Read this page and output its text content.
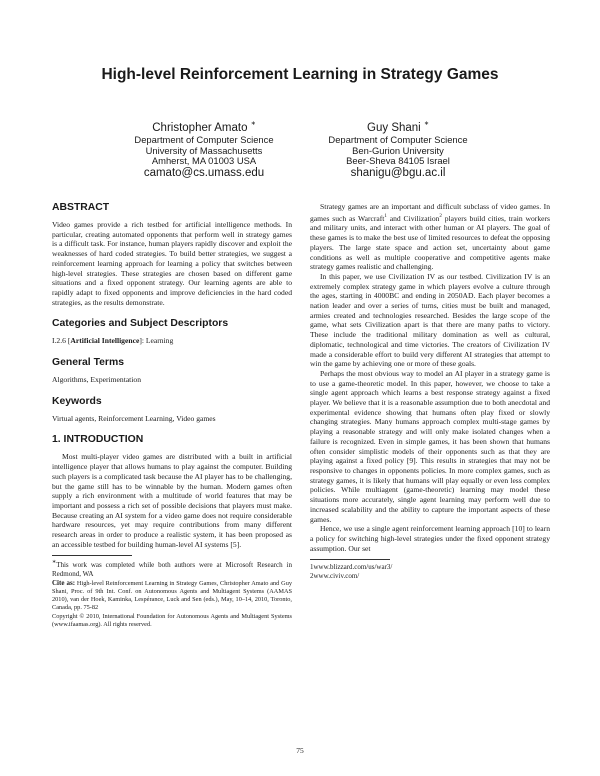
High-level Reinforcement Learning in Strategy Games
Christopher Amato ∗
Department of Computer Science
University of Massachusetts
Amherst, MA 01003 USA
camato@cs.umass.edu
Guy Shani ∗
Department of Computer Science
Ben-Gurion University
Beer-Sheva 84105 Israel
shanigu@bgu.ac.il
ABSTRACT

Video games provide a rich testbed for artificial intelligence methods. In particular, creating automated opponents that perform well in strategy games is a difficult task. For instance, human players rapidly discover and exploit the weaknesses of hard coded strategies. To build better strategies, we suggest a reinforcement learning approach for learning a policy that switches between high-level strategies. These strategies are chosen based on different game situations and a fixed opponent strategy. Our learning agents are able to rapidly adapt to fixed opponents and improve deficiencies in the hard coded strategies, as the results demonstrate.

Categories and Subject Descriptors

I.2.6 [Artificial Intelligence]: Learning

General Terms

Algorithms, Experimentation

Keywords

Virtual agents, Reinforcement Learning, Video games

1. INTRODUCTION

Most multi-player video games are distributed with a built in artificial intelligence player that allows humans to play against the computer. Building such players is a complicated task because the AI player has to be challenging, but the game still has to be winnable by the human. Modern games often supply a rich environment with a multitude of world features that may be important and possess a rich set of possible decisions that players must make. Because creating an AI system for a video game does not require considerable hardware resources, yet may require contributions from many different research areas in order to produce a realistic system, it has been proposed as an accessible testbed for building human-level AI systems [5].

∗This work was completed while both authors were at Microsoft Research in Redmond, WA

Cite as: High-level Reinforcement Learning in Strategy Games, Christopher Amato and Guy Shani, Proc. of 9th Int. Conf. on Autonomous Agents and Multiagent Systems (AAMAS 2010), van der Hoek, Kaminka, Lespérance, Luck and Sen (eds.), May, 10–14, 2010, Toronto, Canada, pp. 75-82

Copyright © 2010, International Foundation for Autonomous Agents and Multiagent Systems (www.ifaamas.org). All rights reserved.

Strategy games are an important and difficult subclass of video games. In games such as Warcraft$^1$ and Civilization$^2$ players build cities, train workers and military units, and interact with other human or AI players. The goal of these games is to make the best use of limited resources to defeat the opposing players. The large state space and action set, uncertainty about game conditions as well as multiple cooperative and competitive agents make strategy games realistic and challenging.

In this paper, we use Civilization IV as our testbed. Civilization IV is an extremely complex strategy game in which players evolve a culture through the ages, starting in 4000BC and ending in 2050AD. Each player becomes a nation leader and over a series of turns, cities must be built and managed, armies created and technologies researched. Besides the large scope of the game, what sets Civilization apart is that there are many paths to victory. These include the traditional military domination as well as cultural, diplomatic, technological and time victories. The creators of Civilization IV made a considerable effort to build very different AI strategies that attempt to win the game by achieving one or more of these goals.

Perhaps the most obvious way to model an AI player in a strategy game is to use a game-theoretic model. In this paper, however, we choose to take a single agent approach which learns a best response strategy against a fixed player. We believe that it is a reasonable assumption due to both anecdotal and experimental evidence showing that humans often play fixed or slowly changing strategies. Many humans approach complex multi-stage games by playing a reasonable strategy and will only make isolated changes when a failure is recognized. Even in simple games, it has been shown that humans often consider simplistic models of their opponents such as that they are playing against a fixed policy [9]. This results in strategies that may not be responsive to changes in opponents policies. In more complex games, such as strategy games, it is likely that humans will play equally or even less complex policies. While multiagent (game-theoretic) learning may model these situations more accurately, single agent learning may perform well due to increased scalability and the ability to capture the important aspects of these games.

Hence, we use a single agent reinforcement learning approach [10] to learn a policy for switching high-level strategies under the fixed opponent strategy assumption. Our set

1www.blizzard.com/us/war3/

2www.civiv.com/

75
